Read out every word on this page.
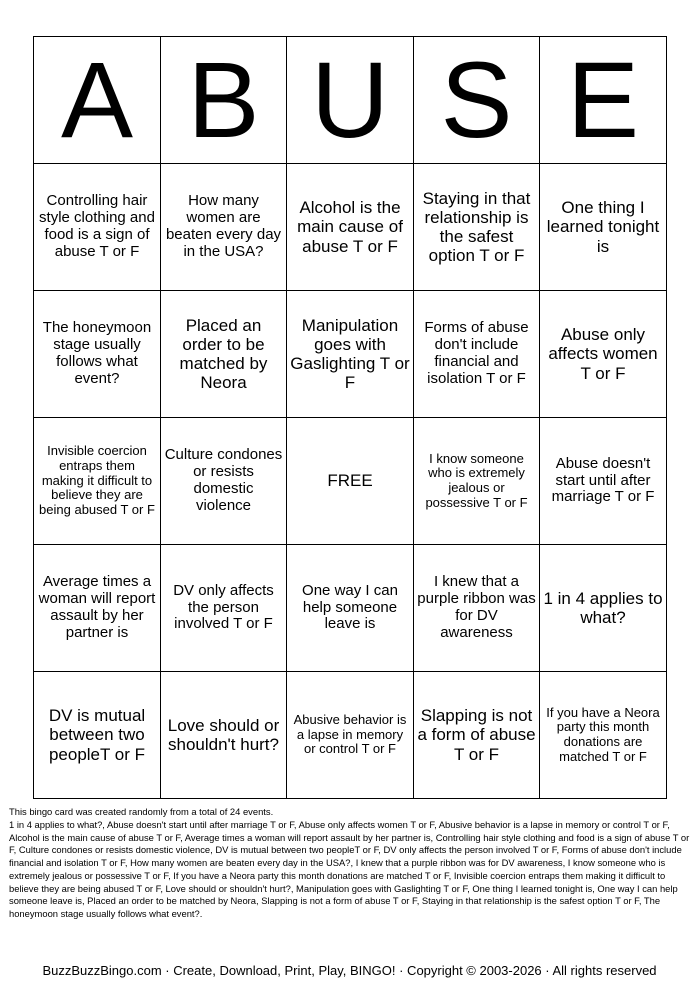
A	B	U	S	E
Controlling hair style clothing and food is a sign of abuse T or F	How many women are beaten every day in the USA?	Alcohol is the main cause of abuse T or F	Staying in that relationship is the safest option T or F	One thing I learned tonight is
The honeymoon stage usually follows what event?	Placed an order to be matched by Neora	Manipulation goes with Gaslighting T or F	Forms of abuse don't include financial and isolation T or F	Abuse only affects women T or F
Invisible coercion entraps them making it difficult to believe they are being abused T or F	Culture condones or resists domestic violence	FREE	I know someone who is extremely jealous or possessive T or F	Abuse doesn't start until after marriage T or F
Average times a woman will report assault by her partner is	DV only affects the person involved T or F	One way I can help someone leave is	I knew that a purple ribbon was for DV awareness	1 in 4 applies to what?
DV is mutual between two peopleT or F	Love should or shouldn't hurt?	Abusive behavior is a lapse in memory or control T or F	Slapping is not a form of abuse T or F	If you have a Neora party this month donations are matched T or F
This bingo card was created randomly from a total of 24 events.
1 in 4 applies to what?, Abuse doesn't start until after marriage T or F, Abuse only affects women T or F, Abusive behavior is a lapse in memory or control T or F, Alcohol is the main cause of abuse T or F, Average times a woman will report assault by her partner is, Controlling hair style clothing and food is a sign of abuse T or F, Culture condones or resists domestic violence, DV is mutual between two peopleT or F, DV only affects the person involved T or F, Forms of abuse don't include financial and isolation T or F, How many women are beaten every day in the USA?, I knew that a purple ribbon was for DV awareness, I know someone who is extremely jealous or possessive T or F, If you have a Neora party this month donations are matched T or F, Invisible coercion entraps them making it difficult to believe they are being abused T or F, Love should or shouldn't hurt?, Manipulation goes with Gaslighting T or F, One thing I learned tonight is, One way I can help someone leave is, Placed an order to be matched by Neora, Slapping is not a form of abuse T or F, Staying in that relationship is the safest option T or F, The honeymoon stage usually follows what event?.
BuzzBuzzBingo.com · Create, Download, Print, Play, BINGO! · Copyright © 2003-2026 · All rights reserved
